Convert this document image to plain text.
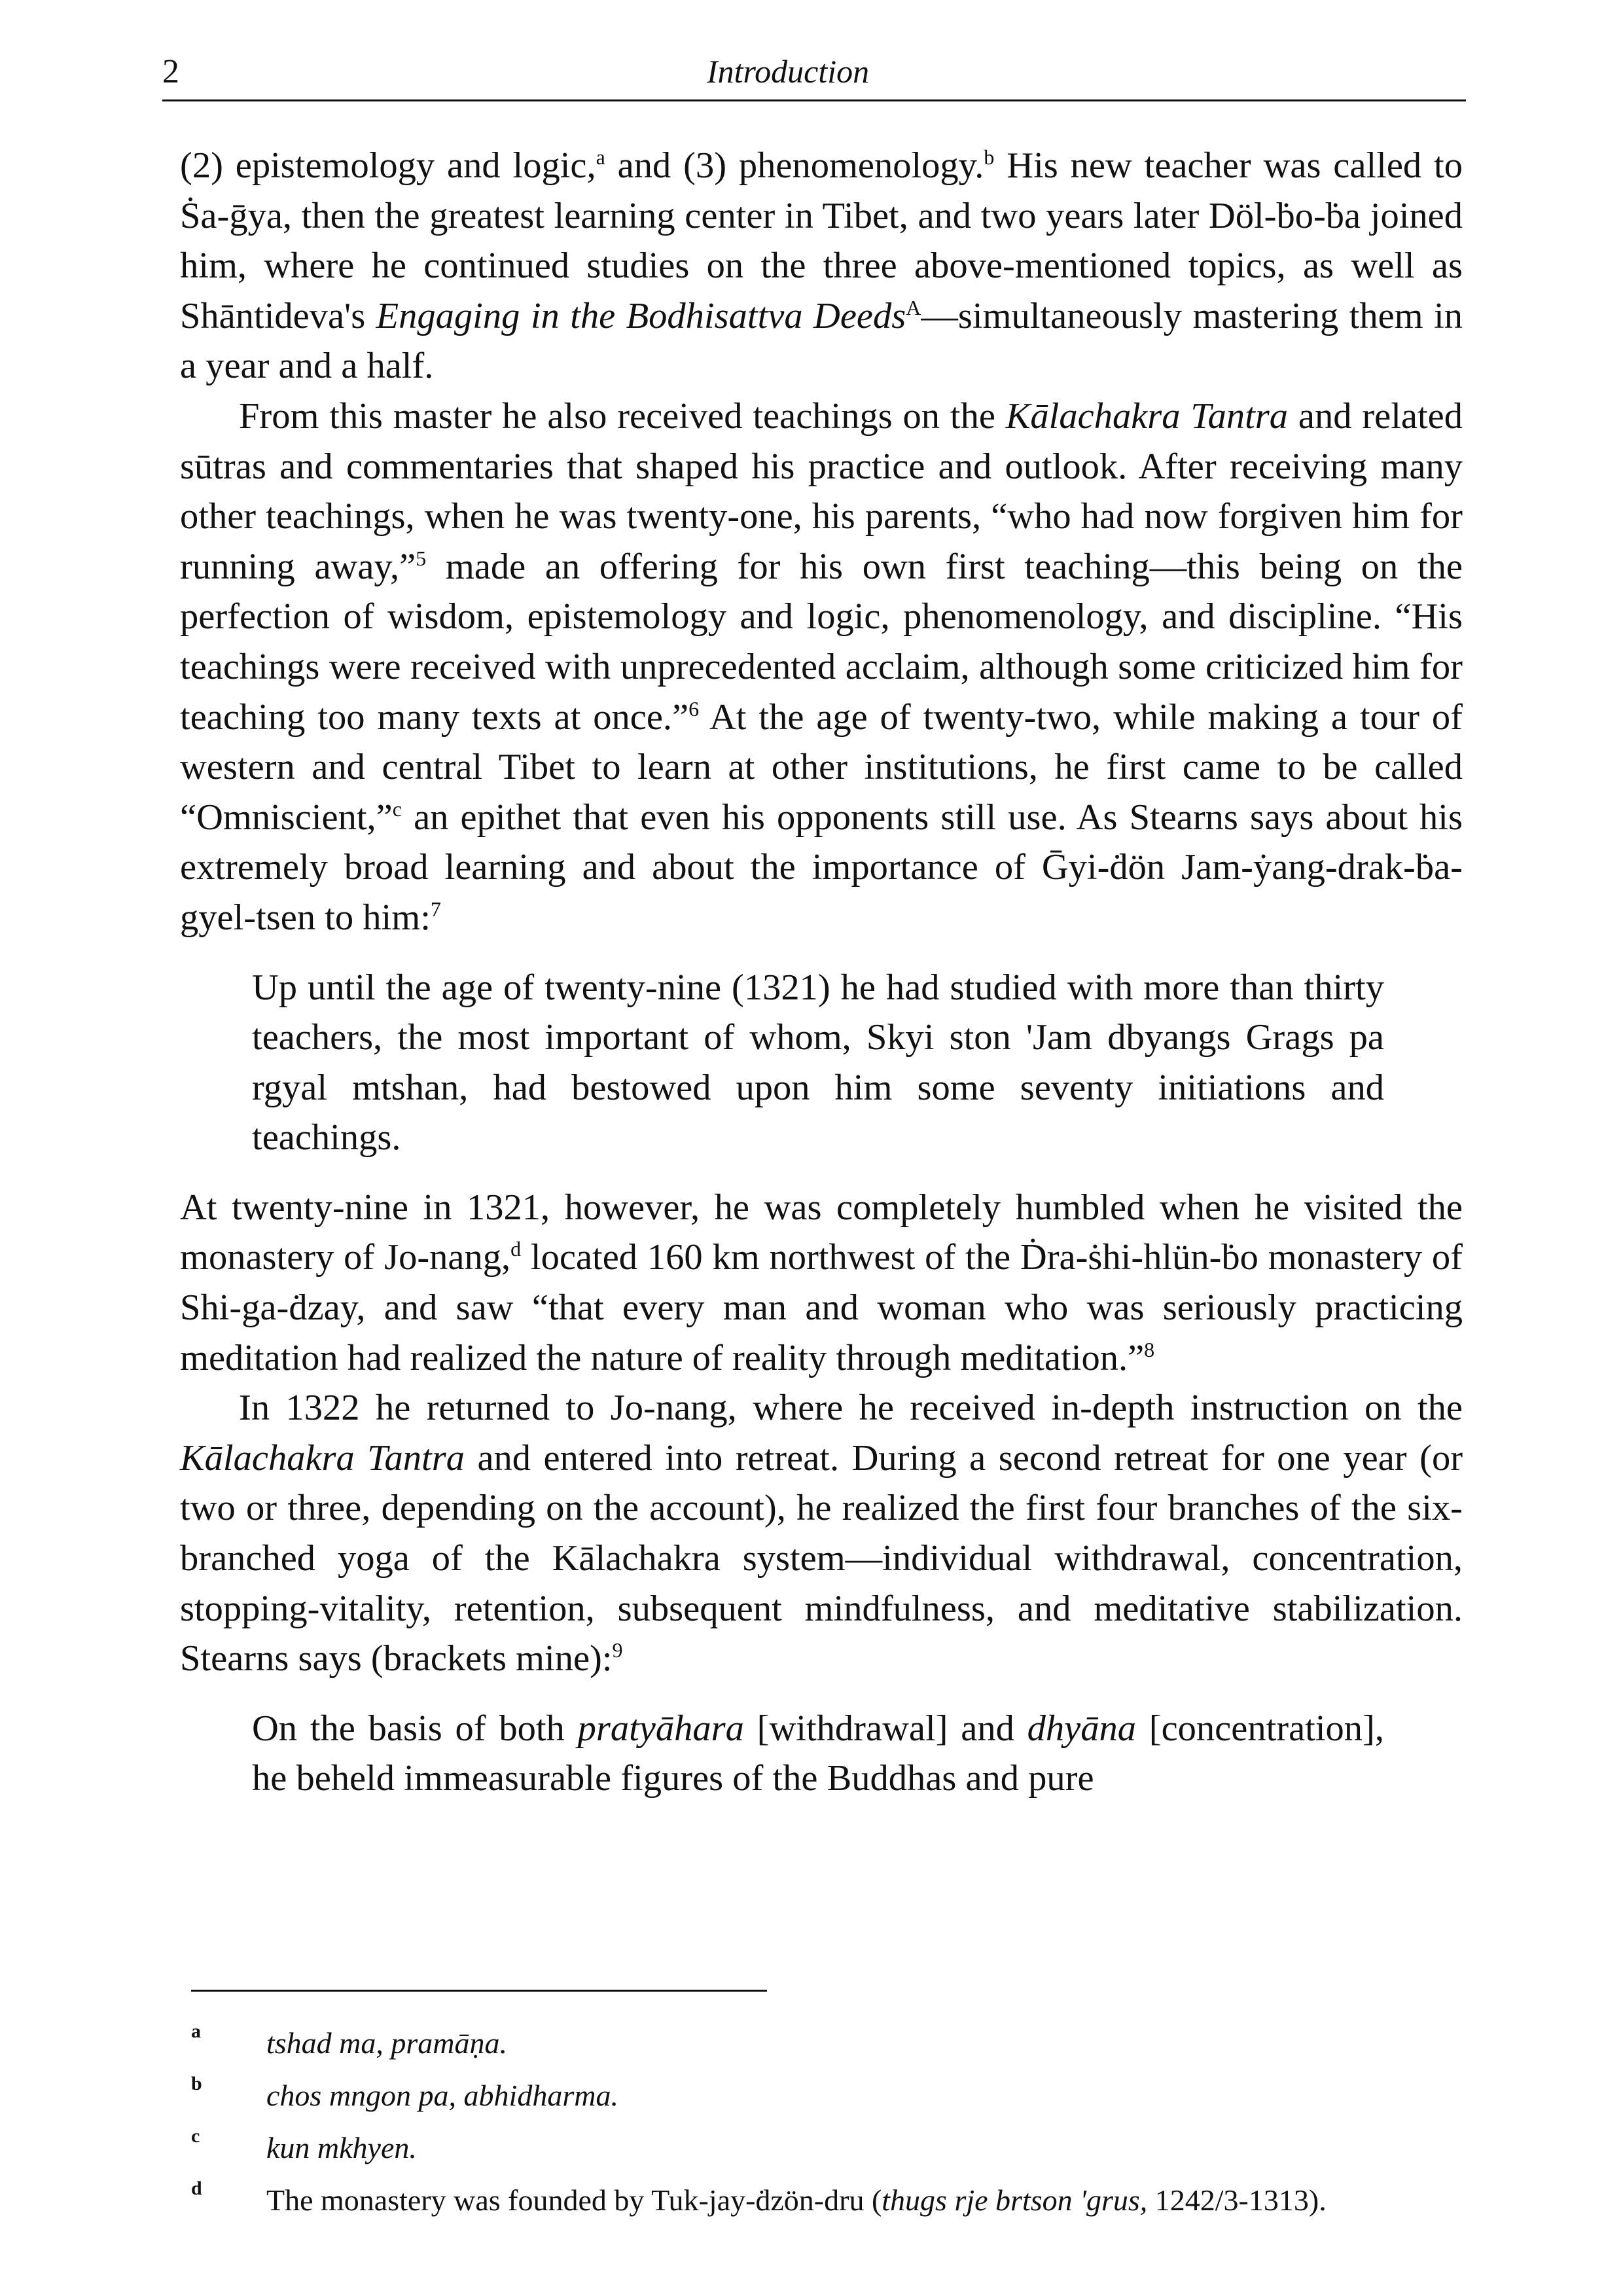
2	Introduction

(2) epistemology and logic,$^a$ and (3) phenomenology.$^b$ His new teacher was called to Ṡa-ḡya, then the greatest learning center in Tibet, and two years later Döl-ḃo-ḃa joined him, where he continued studies on the three above-mentioned topics, as well as Shāntideva's Engaging in the Bodhisattva Deeds$^A$—simultaneously mastering them in a year and a half.

From this master he also received teachings on the Kālachakra Tantra and related sūtras and commentaries that shaped his practice and outlook. After receiving many other teachings, when he was twenty-one, his parents, “who had now forgiven him for running away,”$^5$ made an offering for his own first teaching—this being on the perfection of wisdom, epistemology and logic, phenomenology, and discipline. “His teachings were received with unprecedented acclaim, although some criticized him for teaching too many texts at once.”$^6$ At the age of twenty-two, while making a tour of western and central Tibet to learn at other institutions, he first came to be called “Omniscient,”$^c$ an epithet that even his opponents still use. As Stearns says about his extremely broad learning and about the importance of Ḡyi-ḋön Jam-ẏang-drak-ḃa-gyel-tsen to him:$^7$

Up until the age of twenty-nine (1321) he had studied with more than thirty teachers, the most important of whom, Skyi ston 'Jam dbyangs Grags pa rgyal mtshan, had bestowed upon him some seventy initiations and teachings.

At twenty-nine in 1321, however, he was completely humbled when he visited the monastery of Jo-nang,$^d$ located 160 km northwest of the Ḋra-ṡhi-hlün-ḃo monastery of Shi-ga-ḋzay, and saw “that every man and woman who was seriously practicing meditation had realized the nature of reality through meditation.”$^8$

In 1322 he returned to Jo-nang, where he received in-depth instruction on the Kālachakra Tantra and entered into retreat. During a second retreat for one year (or two or three, depending on the account), he realized the first four branches of the six-branched yoga of the Kālachakra system—individual withdrawal, concentration, stopping-vitality, retention, subsequent mindfulness, and meditative stabilization. Stearns says (brackets mine):$^9$

On the basis of both pratyāhara [withdrawal] and dhyāna [concentration], he beheld immeasurable figures of the Buddhas and pure

a tshad ma, pramāṇa.
b chos mngon pa, abhidharma.
c kun mkhyen.
d The monastery was founded by Tuk-jay-ḋzön-dru (thugs rje brtson 'grus, 1242/3-1313).
